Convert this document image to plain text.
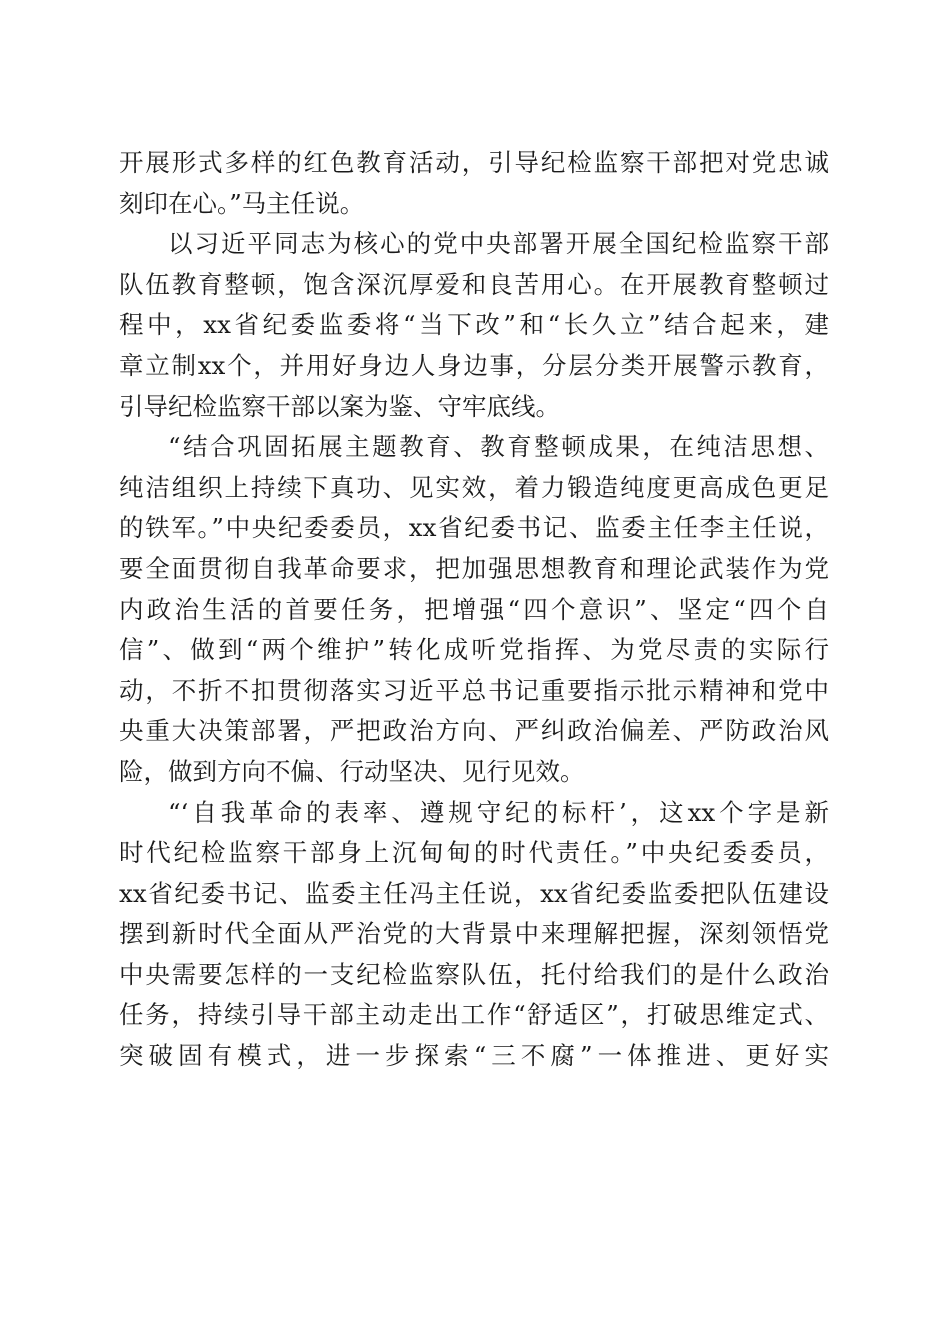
开展形式多样的红色教育活动，引导纪检监察干部把对党忠诚
刻印在心。”马主任说。
以习近平同志为核心的党中央部署开展全国纪检监察干部
队伍教育整顿，饱含深沉厚爱和良苦用心。在开展教育整顿过
程中，xx省纪委监委将“当下改”和“长久立”结合起来，建
章立制xx个，并用好身边人身边事，分层分类开展警示教育，
引导纪检监察干部以案为鉴、守牢底线。
“结合巩固拓展主题教育、教育整顿成果，在纯洁思想、
纯洁组织上持续下真功、见实效，着力锻造纯度更高成色更足
的铁军。”中央纪委委员，xx省纪委书记、监委主任李主任说，
要全面贯彻自我革命要求，把加强思想教育和理论武装作为党
内政治生活的首要任务，把增强“四个意识”、坚定“四个自
信”、做到“两个维护”转化成听党指挥、为党尽责的实际行
动，不折不扣贯彻落实习近平总书记重要指示批示精神和党中
央重大决策部署，严把政治方向、严纠政治偏差、严防政治风
险，做到方向不偏、行动坚决、见行见效。
“‘自我革命的表率、遵规守纪的标杆’，这xx个字是新
时代纪检监察干部身上沉甸甸的时代责任。”中央纪委委员，
xx省纪委书记、监委主任冯主任说，xx省纪委监委把队伍建设
摆到新时代全面从严治党的大背景中来理解把握，深刻领悟党
中央需要怎样的一支纪检监察队伍，托付给我们的是什么政治
任务，持续引导干部主动走出工作“舒适区”，打破思维定式、
突破固有模式，进一步探索“三不腐”一体推进、更好实
